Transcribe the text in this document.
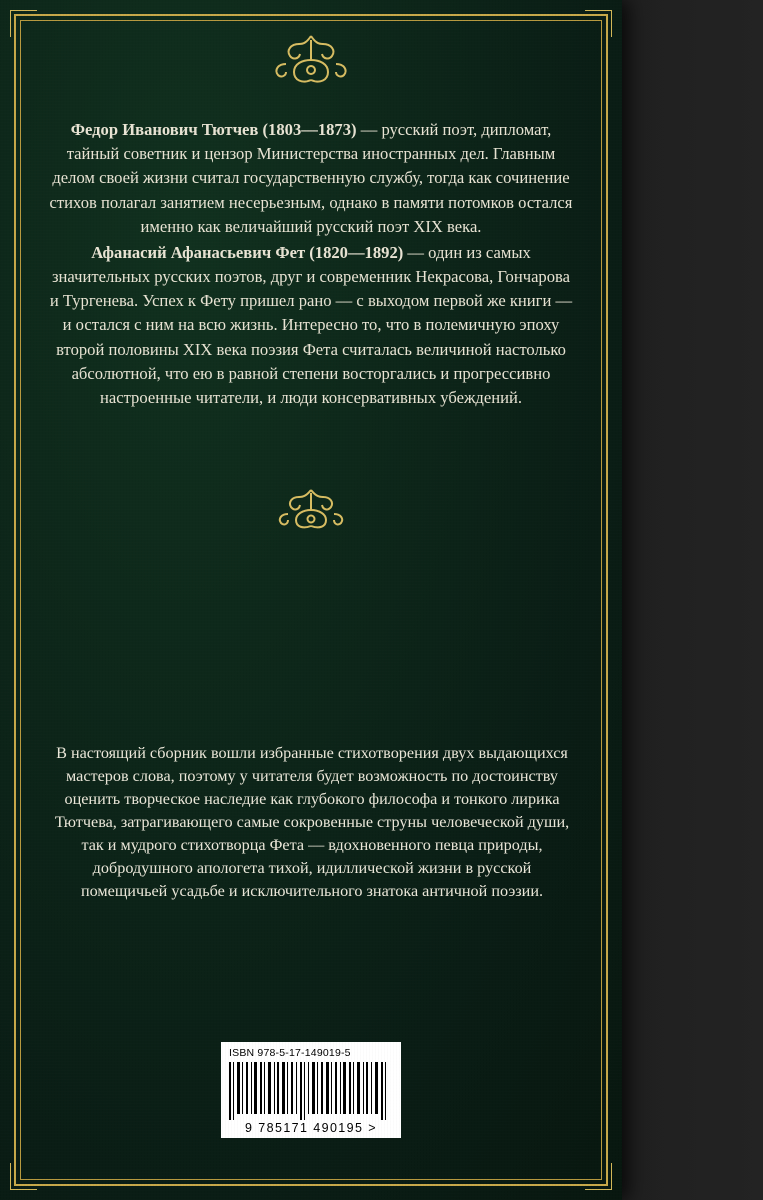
Федор Иванович Тютчев (1803—1873) — русский поэт, дипломат, тайный советник и цензор Министерства иностранных дел. Главным делом своей жизни считал государственную службу, тогда как сочинение стихов полагал занятием несерьезным, однако в памяти потомков остался именно как величайший русский поэт XIX века.

Афанасий Афанасьевич Фет (1820—1892) — один из самых значительных русских поэтов, друг и современник Некрасова, Гончарова и Тургенева. Успех к Фету пришел рано — с выходом первой же книги — и остался с ним на всю жизнь. Интересно то, что в полемичную эпоху второй половины XIX века поэзия Фета считалась величиной настолько абсолютной, что ею в равной степени восторгались и прогрессивно настроенные читатели, и люди консервативных убеждений.

В настоящий сборник вошли избранные стихотворения двух выдающихся мастеров слова, поэтому у читателя будет возможность по достоинству оценить творческое наследие как глубокого философа и тонкого лирика Тютчева, затрагивающего самые сокровенные струны человеческой души, так и мудрого стихотворца Фета — вдохновенного певца природы, добродушного апологета тихой, идиллической жизни в русской помещичьей усадьбе и исключительного знатока античной поэзии.
ISBN 978-5-17-149019-5
9 785171 490195 >
